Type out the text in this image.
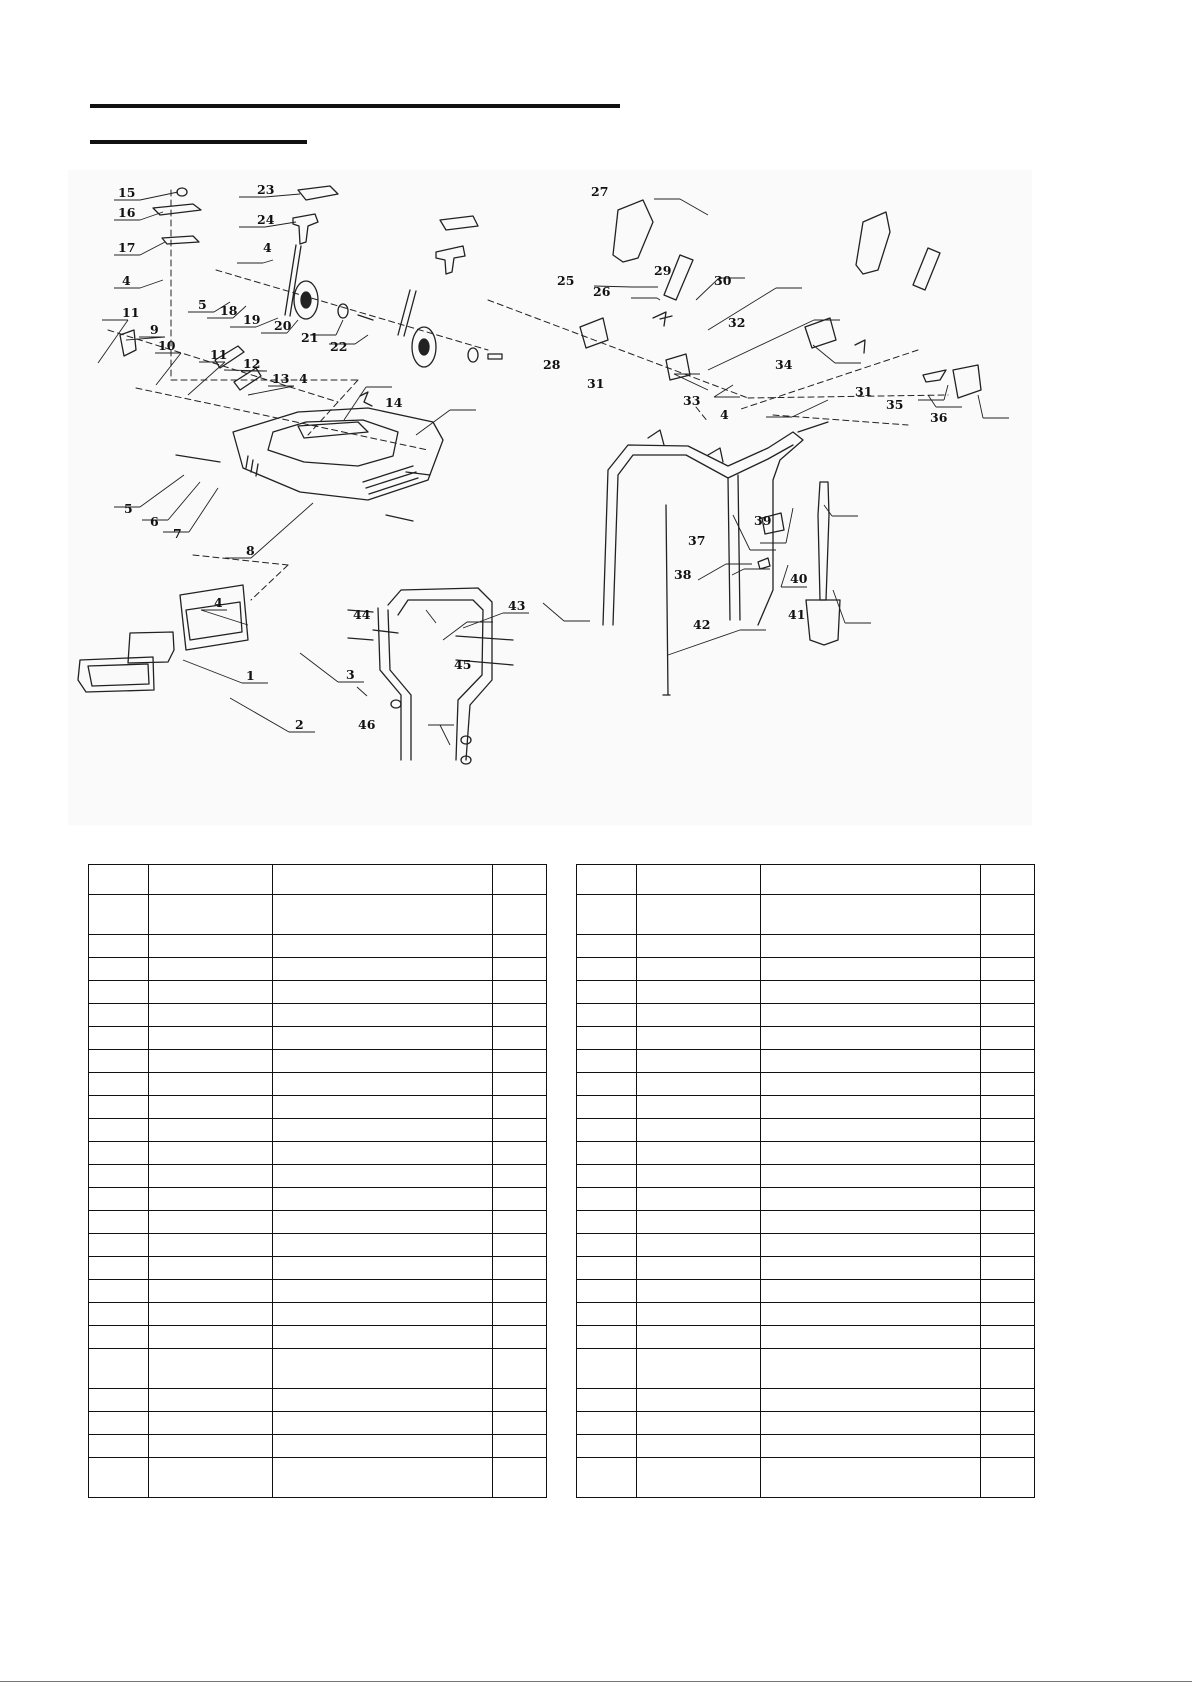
15
16
17
4
23
24
4
5 18
19 20
21
22
11
9
10
11
12
13 4
14
5
6
7
8
4
1
2
3
44
43
45
46
27
25
26
29
30
32
28
31
33
4
34
31
35
36
37
38
39
40
41
42
